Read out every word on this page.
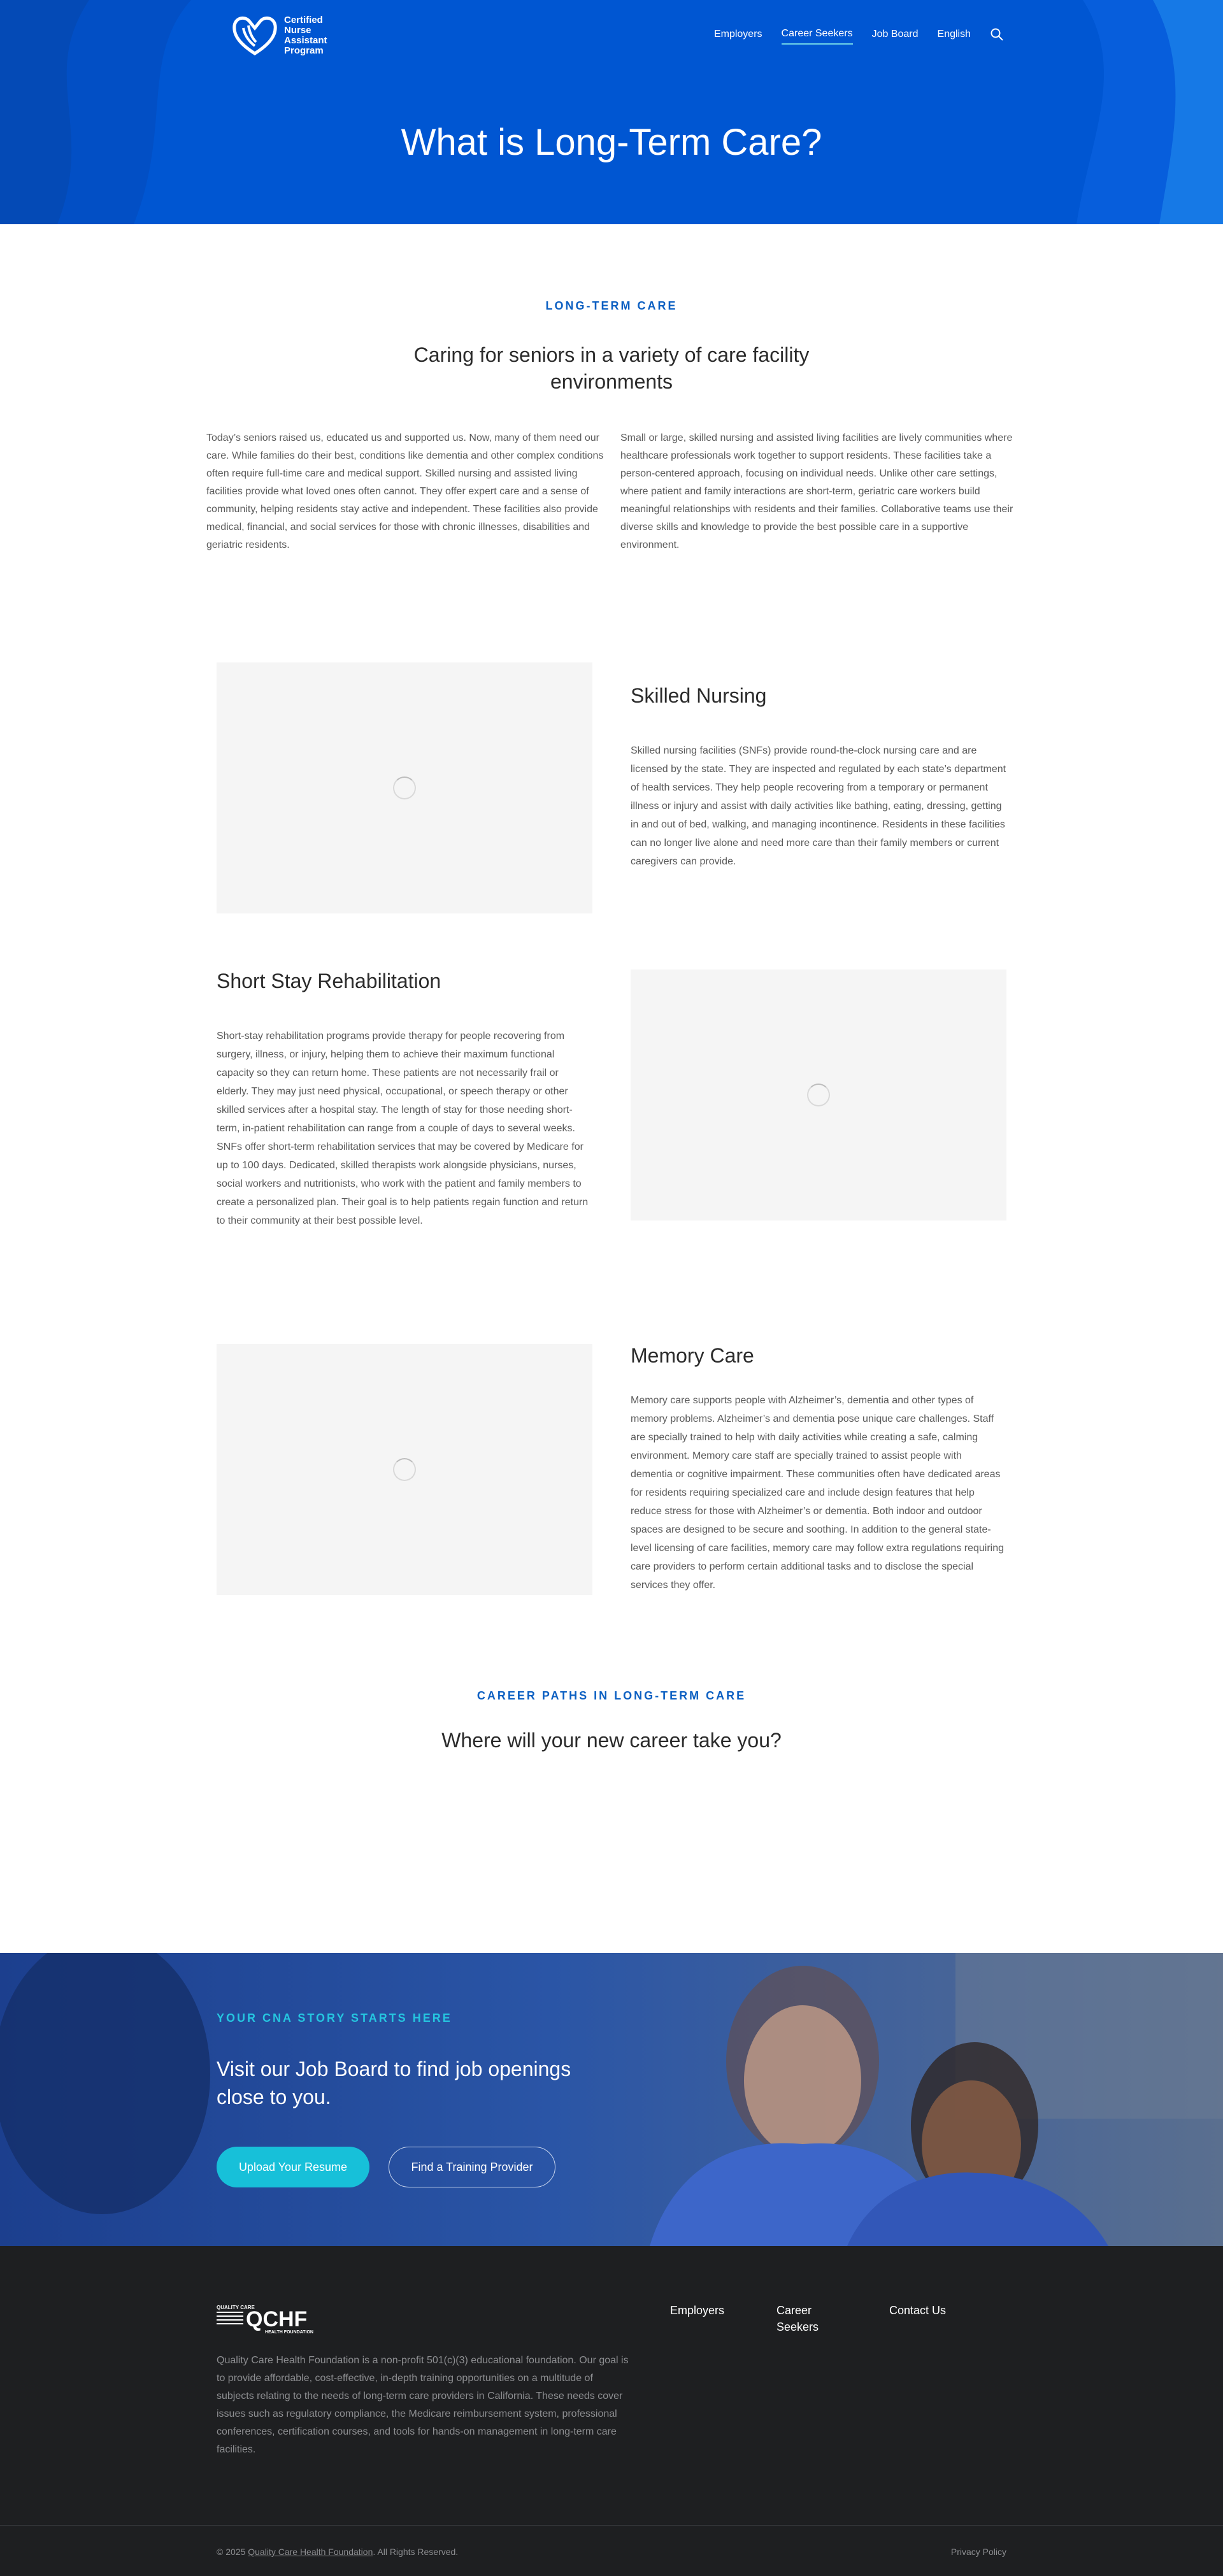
Certified
Nurse
Assistant
Program
Employers Career Seekers Job Board English
What is Long-Term Care?
LONG-TERM CARE
Caring for seniors in a variety of care facility environments

Today’s seniors raised us, educated us and supported us. Now, many of them need our care. While families do their best, conditions like dementia and other complex conditions often require full-time care and medical support. Skilled nursing and assisted living facilities provide what loved ones often cannot. They offer expert care and a sense of community, helping residents stay active and independent. These facilities also provide medical, financial, and social services for those with chronic illnesses, disabilities and geriatric residents.

Small or large, skilled nursing and assisted living facilities are lively communities where healthcare professionals work together to support residents. These facilities take a person-centered approach, focusing on individual needs. Unlike other care settings, where patient and family interactions are short-term, geriatric care workers build meaningful relationships with residents and their families. Collaborative teams use their diverse skills and knowledge to provide the best possible care in a supportive environment.

Skilled Nursing

Skilled nursing facilities (SNFs) provide round-the-clock nursing care and are licensed by the state. They are inspected and regulated by each state’s department of health services. They help people recovering from a temporary or permanent illness or injury and assist with daily activities like bathing, eating, dressing, getting in and out of bed, walking, and managing incontinence. Residents in these facilities can no longer live alone and need more care than their family members or current caregivers can provide.

Short Stay Rehabilitation

Short-stay rehabilitation programs provide therapy for people recovering from surgery, illness, or injury, helping them to achieve their maximum functional capacity so they can return home. These patients are not necessarily frail or elderly. They may just need physical, occupational, or speech therapy or other skilled services after a hospital stay. The length of stay for those needing short-term, in-patient rehabilitation can range from a couple of days to several weeks. SNFs offer short-term rehabilitation services that may be covered by Medicare for up to 100 days. Dedicated, skilled therapists work alongside physicians, nurses, social workers and nutritionists, who work with the patient and family members to create a personalized plan. Their goal is to help patients regain function and return to their community at their best possible level.

Memory Care

Memory care supports people with Alzheimer’s, dementia and other types of memory problems. Alzheimer’s and dementia pose unique care challenges. Staff are specially trained to help with daily activities while creating a safe, calming environment. Memory care staff are specially trained to assist people with dementia or cognitive impairment. These communities often have dedicated areas for residents requiring specialized care and include design features that help reduce stress for those with Alzheimer’s or dementia. Both indoor and outdoor spaces are designed to be secure and soothing. In addition to the general state-level licensing of care facilities, memory care may follow extra regulations requiring care providers to perform certain additional tasks and to disclose the special services they offer.

CAREER PATHS IN LONG-TERM CARE
Where will your new career take you?
YOUR CNA STORY STARTS HERE
Visit our Job Board to find job openings close to you.
Upload Your Resume	Find a Training Provider
QUALITY CARE
QCHF
HEALTH FOUNDATION

Quality Care Health Foundation is a non-profit 501(c)(3) educational foundation. Our goal is to provide affordable, cost-effective, in-depth training opportunities on a multitude of subjects relating to the needs of long-term care providers in California. These needs cover issues such as regulatory compliance, the Medicare reimbursement system, professional conferences, certification courses, and tools for hands-on management in long-term care facilities.

Employers	Career Seekers
Contact Us
© 2025 Quality Care Health Foundation. All Rights Reserved.	Privacy Policy
